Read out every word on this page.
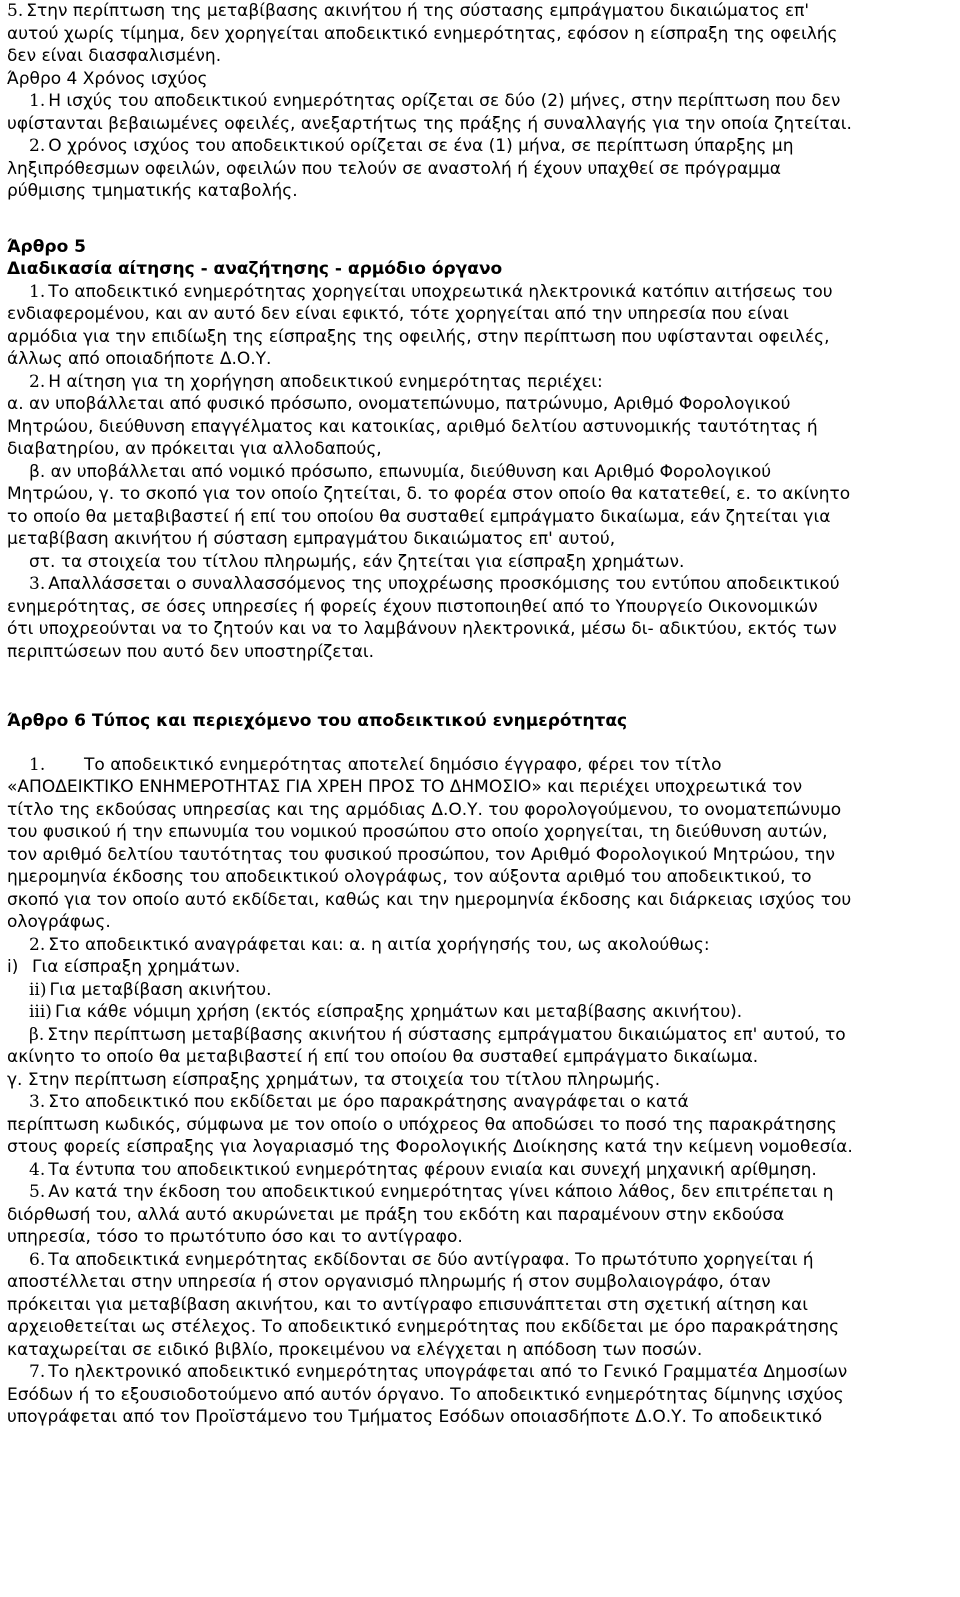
5. Στην περίπτωση της μεταβίβασης ακινήτου ή της σύστασης εμπράγματου δικαιώματος επ'
αυτού χωρίς τίμημα, δεν χορηγείται αποδεικτικό ενημερότητας, εφόσον η είσπραξη της οφειλής
δεν είναι διασφαλισμένη.
Άρθρο 4 Χρόνος ισχύος
1. Η ισχύς του αποδεικτικού ενημερότητας ορίζεται σε δύο (2) μήνες, στην περίπτωση που δεν
υφίστανται βεβαιωμένες οφειλές, ανεξαρτήτως της πράξης ή συναλλαγής για την οποία ζητείται.
2. Ο χρόνος ισχύος του αποδεικτικού ορίζεται σε ένα (1) μήνα, σε περίπτωση ύπαρξης μη
ληξιπρόθεσμων οφειλών, οφειλών που τελούν σε αναστολή ή έχουν υπαχθεί σε πρόγραμμα
ρύθμισης τμηματικής καταβολής.
Άρθρο 5
Διαδικασία αίτησης - αναζήτησης - αρμόδιο όργανο
1. Το αποδεικτικό ενημερότητας χορηγείται υποχρεωτικά ηλεκτρονικά κατόπιν αιτήσεως του
ενδιαφερομένου, και αν αυτό δεν είναι εφικτό, τότε χορηγείται από την υπηρεσία που είναι
αρμόδια για την επιδίωξη της είσπραξης της οφειλής, στην περίπτωση που υφίστανται οφειλές,
άλλως από οποιαδήποτε Δ.Ο.Υ.
2. Η αίτηση για τη χορήγηση αποδεικτικού ενημερότητας περιέχει:
α. αν υποβάλλεται από φυσικό πρόσωπο, ονοματεπώνυμο, πατρώνυμο, Αριθμό Φορολογικού
Μητρώου, διεύθυνση επαγγέλματος και κατοικίας, αριθμό δελτίου αστυνομικής ταυτότητας ή
διαβατηρίου, αν πρόκειται για αλλοδαπούς,
β. αν υποβάλλεται από νομικό πρόσωπο, επωνυμία, διεύθυνση και Αριθμό Φορολογικού
Μητρώου, γ. το σκοπό για τον οποίο ζητείται, δ. το φορέα στον οποίο θα κατατεθεί, ε. το ακίνητο
το οποίο θα μεταβιβαστεί ή επί του οποίου θα συσταθεί εμπράγματο δικαίωμα, εάν ζητείται για
μεταβίβαση ακινήτου ή σύσταση εμπραγμάτου δικαιώματος επ' αυτού,
στ. τα στοιχεία του τίτλου πληρωμής, εάν ζητείται για είσπραξη χρημάτων.
3. Απαλλάσσεται ο συναλλασσόμενος της υποχρέωσης προσκόμισης του εντύπου αποδεικτικού
ενημερότητας, σε όσες υπηρεσίες ή φορείς έχουν πιστοποιηθεί από το Υπουργείο Οικονομικών
ότι υποχρεούνται να το ζητούν και να το λαμβάνουν ηλεκτρονικά, μέσω δι- αδικτύου, εκτός των
περιπτώσεων που αυτό δεν υποστηρίζεται.
Άρθρο 6 Τύπος και περιεχόμενο του αποδεικτικού ενημερότητας
1. Το αποδεικτικό ενημερότητας αποτελεί δημόσιο έγγραφο, φέρει τον τίτλο
«ΑΠΟΔΕΙΚΤΙΚΟ ΕΝΗΜΕΡΟΤΗΤΑΣ ΓΙΑ ΧΡΕΗ ΠΡΟΣ ΤΟ ΔΗΜΟΣΙΟ» και περιέχει υποχρεωτικά τον
τίτλο της εκδούσας υπηρεσίας και της αρμόδιας Δ.Ο.Υ. του φορολογούμενου, το ονοματεπώνυμο
του φυσικού ή την επωνυμία του νομικού προσώπου στο οποίο χορηγείται, τη διεύθυνση αυτών,
τον αριθμό δελτίου ταυτότητας του φυσικού προσώπου, τον Αριθμό Φορολογικού Μητρώου, την
ημερομηνία έκδοσης του αποδεικτικού ολογράφως, τον αύξοντα αριθμό του αποδεικτικού, το
σκοπό για τον οποίο αυτό εκδίδεται, καθώς και την ημερομηνία έκδοσης και διάρκειας ισχύος του
ολογράφως.
2. Στο αποδεικτικό αναγράφεται και: α. η αιτία χορήγησής του, ως ακολούθως:
i) Για είσπραξη χρημάτων.
ii) Για μεταβίβαση ακινήτου.
iii) Για κάθε νόμιμη χρήση (εκτός είσπραξης χρημάτων και μεταβίβασης ακινήτου).
β. Στην περίπτωση μεταβίβασης ακινήτου ή σύστασης εμπράγματου δικαιώματος επ' αυτού, το
ακίνητο το οποίο θα μεταβιβαστεί ή επί του οποίου θα συσταθεί εμπράγματο δικαίωμα.
γ. Στην περίπτωση είσπραξης χρημάτων, τα στοιχεία του τίτλου πληρωμής.
3. Στο αποδεικτικό που εκδίδεται με όρο παρακράτησης αναγράφεται ο κατά
περίπτωση κωδικός, σύμφωνα με τον οποίο ο υπόχρεος θα αποδώσει το ποσό της παρακράτησης
στους φορείς είσπραξης για λογαριασμό της Φορολογικής Διοίκησης κατά την κείμενη νομοθεσία.
4. Τα έντυπα του αποδεικτικού ενημερότητας φέρουν ενιαία και συνεχή μηχανική αρίθμηση.
5. Αν κατά την έκδοση του αποδεικτικού ενημερότητας γίνει κάποιο λάθος, δεν επιτρέπεται η
διόρθωσή του, αλλά αυτό ακυρώνεται με πράξη του εκδότη και παραμένουν στην εκδούσα
υπηρεσία, τόσο το πρωτότυπο όσο και το αντίγραφο.
6. Τα αποδεικτικά ενημερότητας εκδίδονται σε δύο αντίγραφα. Το πρωτότυπο χορηγείται ή
αποστέλλεται στην υπηρεσία ή στον οργανισμό πληρωμής ή στον συμβολαιογράφο, όταν
πρόκειται για μεταβίβαση ακινήτου, και το αντίγραφο επισυνάπτεται στη σχετική αίτηση και
αρχειοθετείται ως στέλεχος. Το αποδεικτικό ενημερότητας που εκδίδεται με όρο παρακράτησης
καταχωρείται σε ειδικό βιβλίο, προκειμένου να ελέγχεται η απόδοση των ποσών.
7. Το ηλεκτρονικό αποδεικτικό ενημερότητας υπογράφεται από το Γενικό Γραμματέα Δημοσίων
Εσόδων ή το εξουσιοδοτούμενο από αυτόν όργανο. Το αποδεικτικό ενημερότητας δίμηνης ισχύος
υπογράφεται από τον Προϊστάμενο του Τμήματος Εσόδων οποιασδήποτε Δ.Ο.Υ. Το αποδεικτικό
